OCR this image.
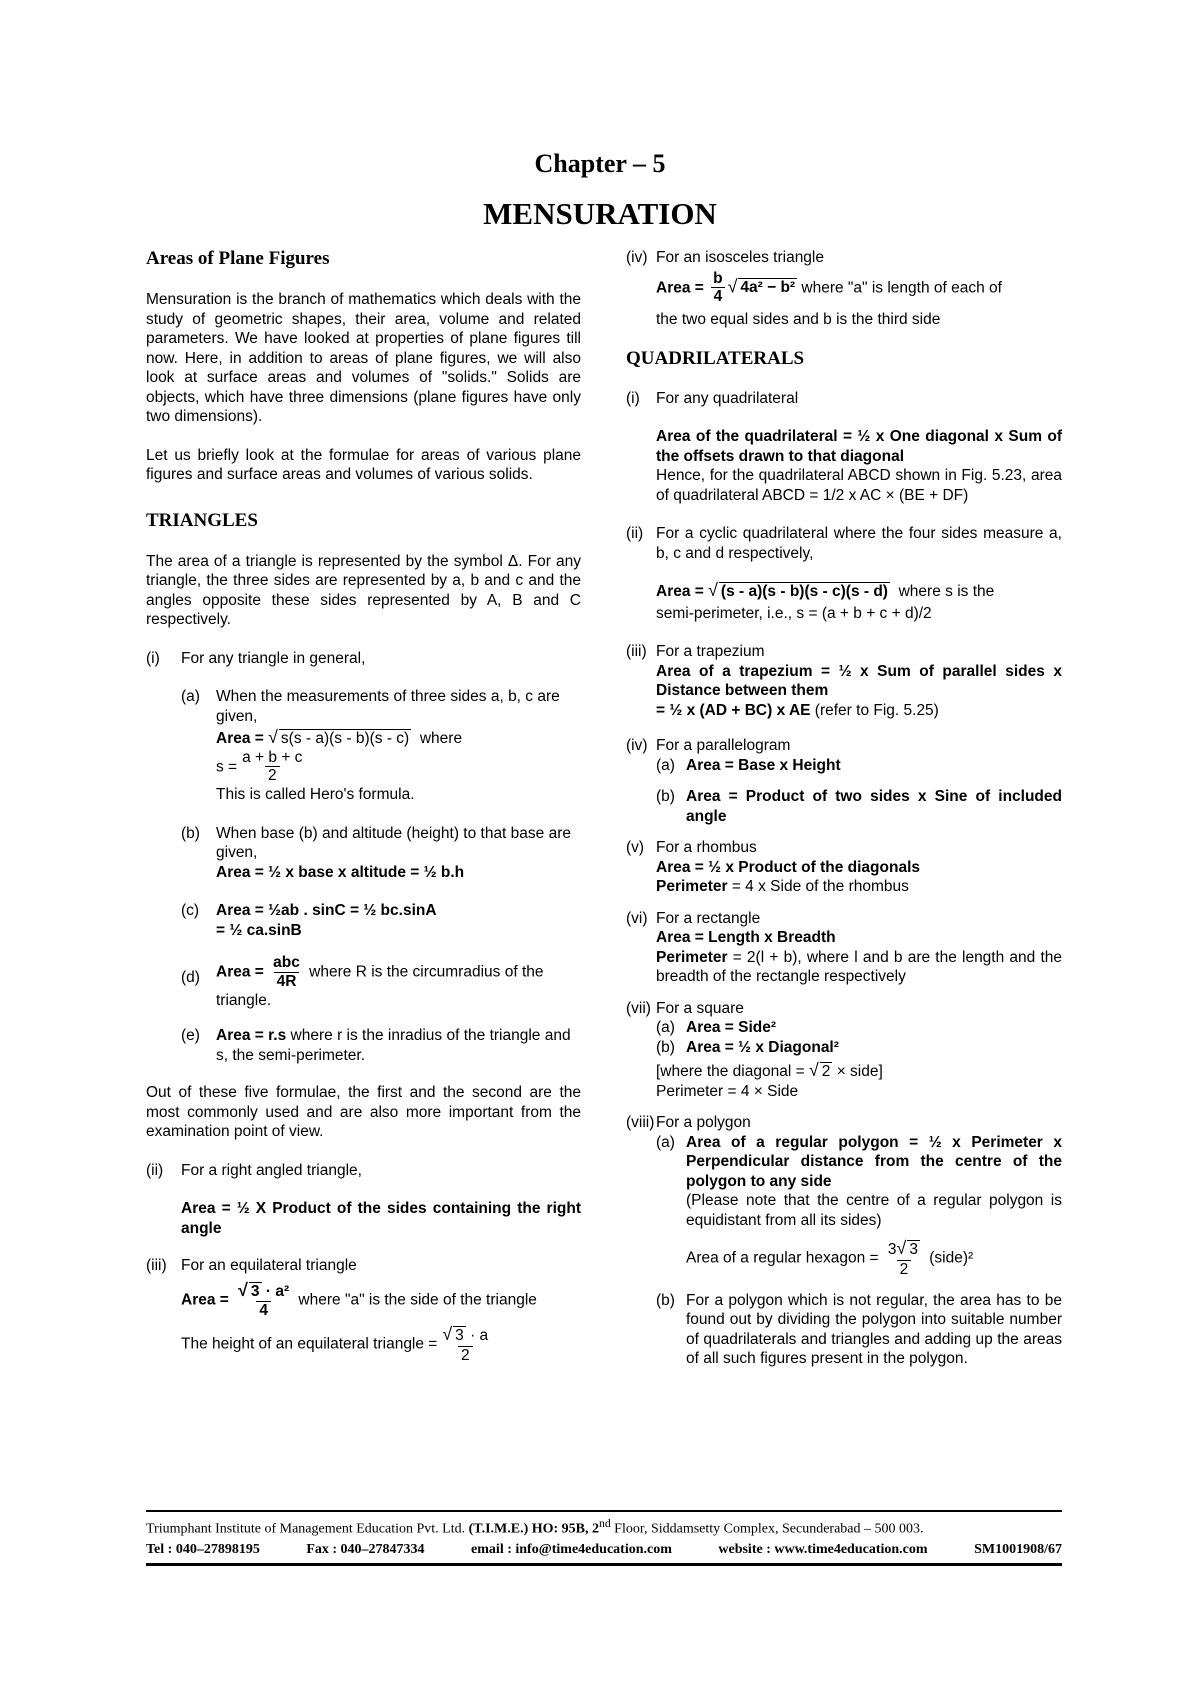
Chapter – 5
MENSURATION

Areas of Plane Figures

Mensuration is the branch of mathematics which deals with the study of geometric shapes, their area, volume and related parameters. We have looked at properties of plane figures till now. Here, in addition to areas of plane figures, we will also look at surface areas and volumes of "solids." Solids are objects, which have three dimensions (plane figures have only two dimensions).

Let us briefly look at the formulae for areas of various plane figures and surface areas and volumes of various solids.

TRIANGLES

The area of a triangle is represented by the symbol Δ. For any triangle, the three sides are represented by a, b and c and the angles opposite these sides represented by A, B and C respectively.

(i)	For any triangle in general,
(a)	When the measurements of three sides a, b, c are given,

Area = √ s(s - a)(s - b)(s - c) where

$s = \frac{a + b + c}{2}$

This is called Hero's formula.

(b)	When base (b) and altitude (height) to that base are given,

Area = ½ x base x altitude = ½ b.h

(c)	Area = ½ab . sinC = ½ bc.sinA

= ½ ca.sinB

(d)	Area = $\frac{\text{abc}}{4R}$ where R is the circumradius of the

triangle.

(e)	Area = r.s where r is the inradius of the triangle and s, the semi-perimeter.

Out of these five formulae, the first and the second are the most commonly used and are also more important from the examination point of view.

(ii)	For a right angled triangle,

Area = ½ X Product of the sides containing the right angle

(iii) For an equilateral triangle

Area = $\frac{\text{√ 3 · a²}}{4}$ where "a" is the side of the triangle

The height of an equilateral triangle = $\frac{√ 3 \cdot a}{2}$

(iv) For an isosceles triangle

Area = $\frac{b}{4}$ √ 4a² − b² where "a" is length of each of

the two equal sides and b is the third side

QUADRILATERALS

(i)	For any quadrilateral

Area of the quadrilateral = ½ x One diagonal x Sum of the offsets drawn to that diagonal

Hence, for the quadrilateral ABCD shown in Fig. 5.23, area of quadrilateral ABCD = 1/2 x AC × (BE + DF)

(ii) For a cyclic quadrilateral where the four sides measure a, b, c and d respectively,

Area = √ (s - a)(s - b)(s - c)(s - d) where s is the

semi-perimeter, i.e., s = (a + b + c + d)/2

(iii) For a trapezium

Area of a trapezium = ½ x Sum of parallel sides x Distance between them

= ½ x (AD + BC) x AE (refer to Fig. 5.25)

(iv) For a parallelogram

(a) Area = Base x Height
(b) Area = Product of two sides x Sine of included angle
(v) For a rhombus

Area = ½ x Product of the diagonals

Perimeter = 4 x Side of the rhombus

(vi) For a rectangle

Area = Length x Breadth

Perimeter = 2(l + b), where l and b are the length and the breadth of the rectangle respectively

(vii) For a square

(a) Area = Side²
(b) Area = ½ x Diagonal²

[where the diagonal = √ 2 × side]

Perimeter = 4 × Side

(viii) For a polygon

(a) Area of a regular polygon = ½ x Perimeter x Perpendicular distance from the centre of the polygon to any side

(Please note that the centre of a regular polygon is equidistant from all its sides)

Area of a regular hexagon = $\frac{3√ 3}{2}$ (side)²

(b) For a polygon which is not regular, the area has to be found out by dividing the polygon into suitable number of quadrilaterals and triangles and adding up the areas of all such figures present in the polygon.

Triumphant Institute of Management Education Pvt. Ltd. (T.I.M.E.) HO: 95B, 2nd Floor, Siddamsetty Complex, Secunderabad – 500 003.
Tel : 040–27898195	Fax : 040–27847334	email : info@time4education.com	website : www.time4education.com	SM1001908/67
